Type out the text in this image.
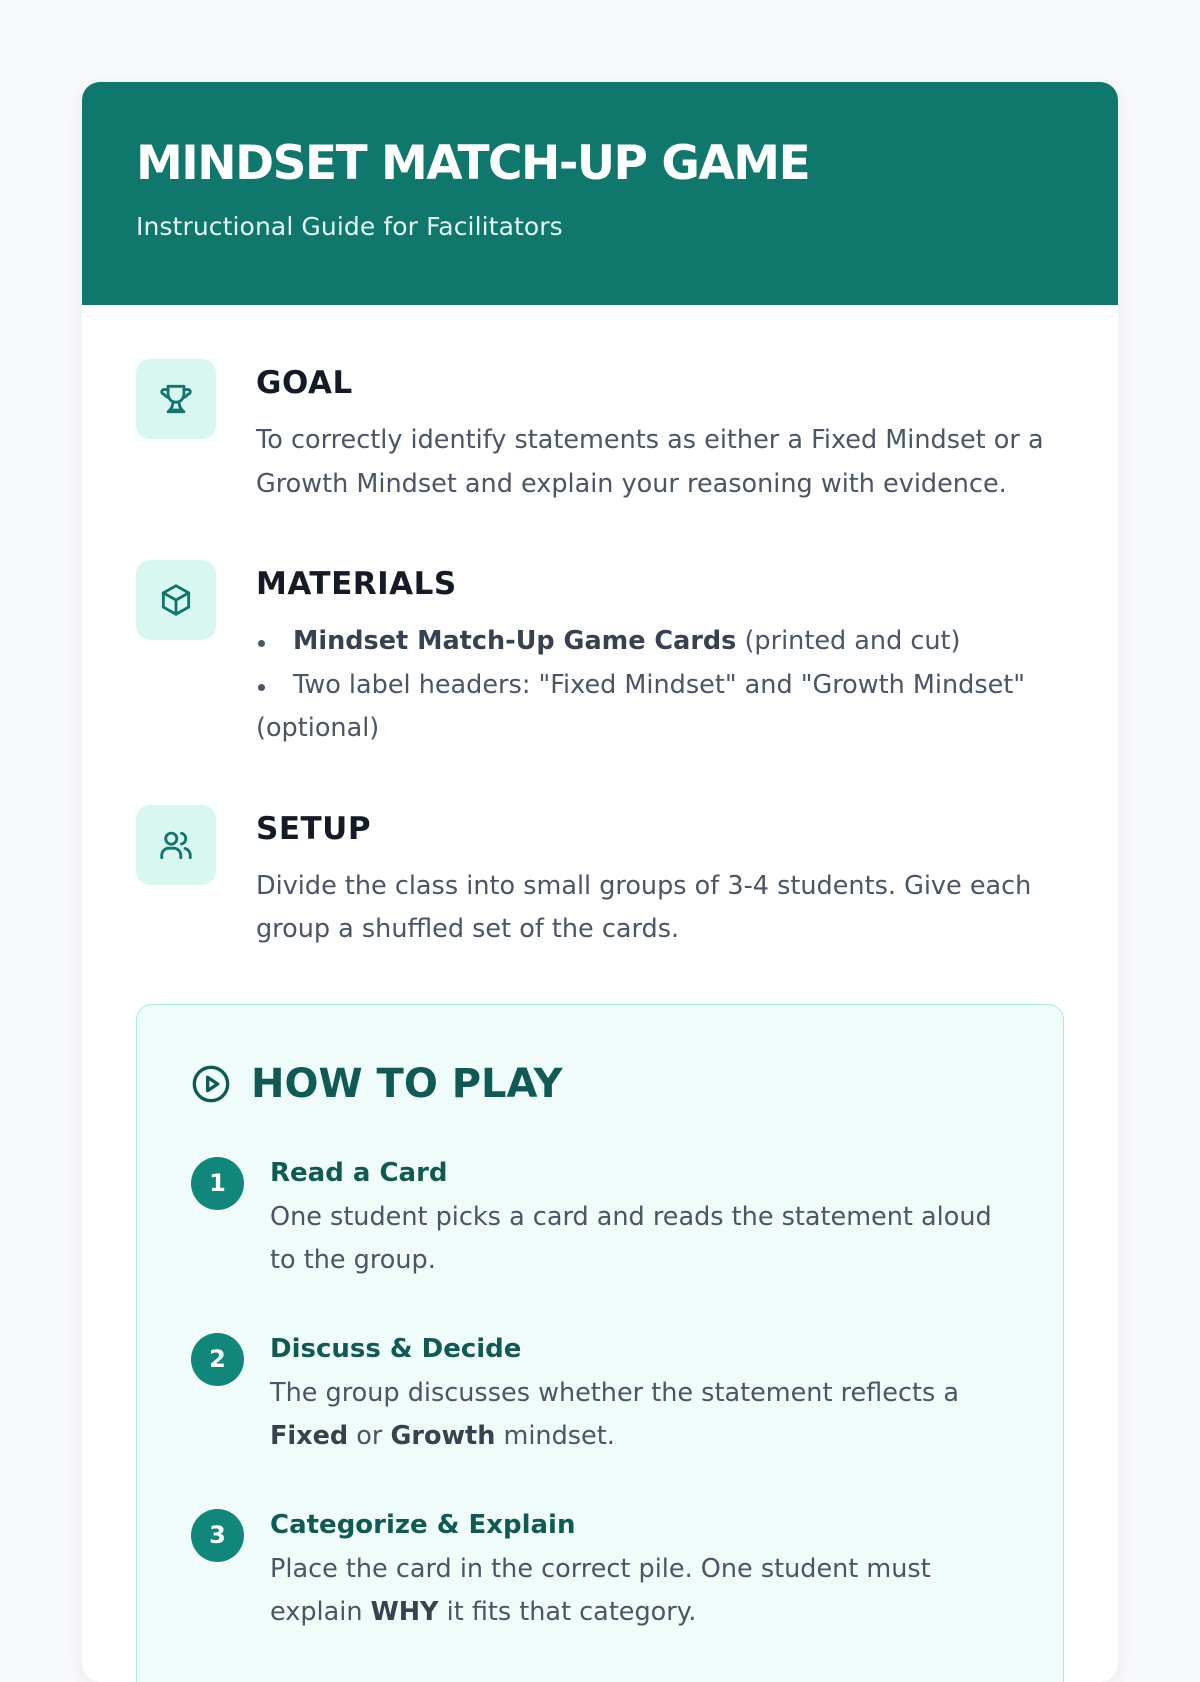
MINDSET MATCH-UP GAME
Instructional Guide for Facilitators
GOAL
To correctly identify statements as either a Fixed Mindset or a Growth Mindset and explain your reasoning with evidence.
MATERIALS
Mindset Match-Up Game Cards (printed and cut)
Two label headers: "Fixed Mindset" and "Growth Mindset" (optional)
SETUP
Divide the class into small groups of 3-4 students. Give each group a shuffled set of the cards.
HOW TO PLAY
1	Read a Card
One student picks a card and reads the statement aloud to the group.
2	Discuss & Decide
The group discusses whether the statement reflects a Fixed or Growth mindset.
3	Categorize & Explain
Place the card in the correct pile. One student must explain WHY it fits that category.
